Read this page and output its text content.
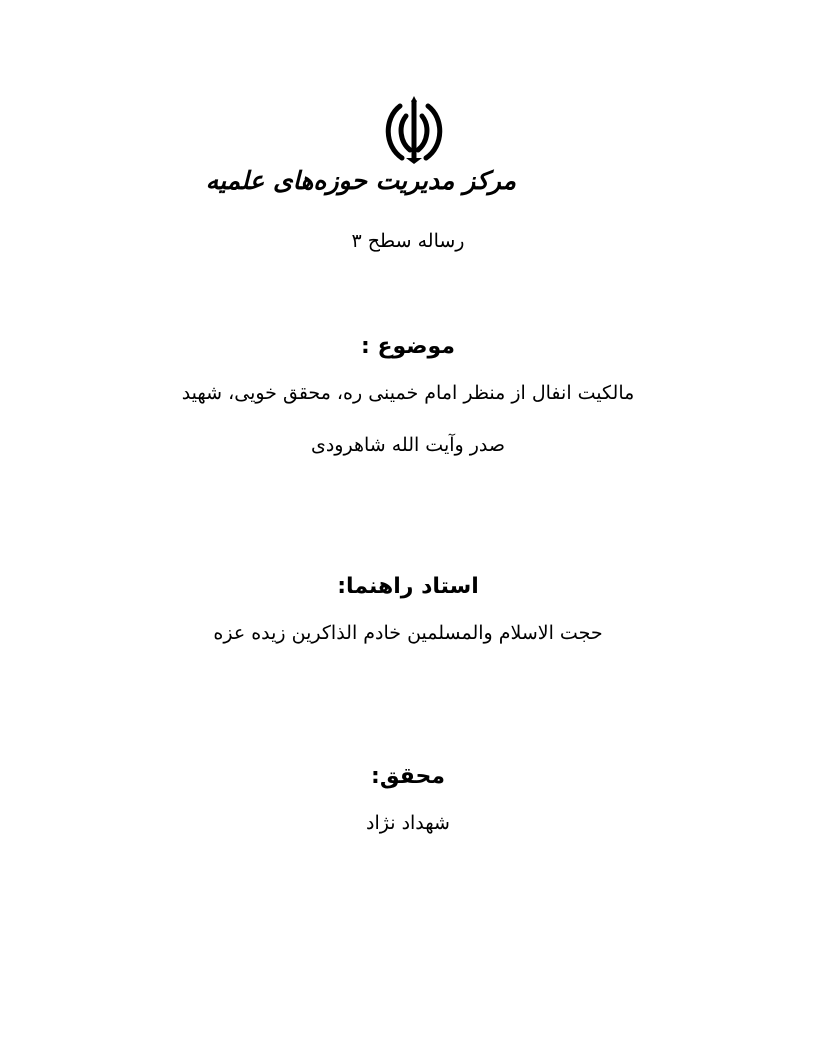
مرکز مدیریت حوزه‌های علمیه
رساله سطح ۳
موضوع :
مالکیت انفال از منظر امام خمینی ره، محقق خویی، شهید
صدر وآیت الله شاهرودی
استاد راهنما:
حجت الاسلام والمسلمین خادم الذاکرین زیده عزه
محقق:
شهداد نژاد
